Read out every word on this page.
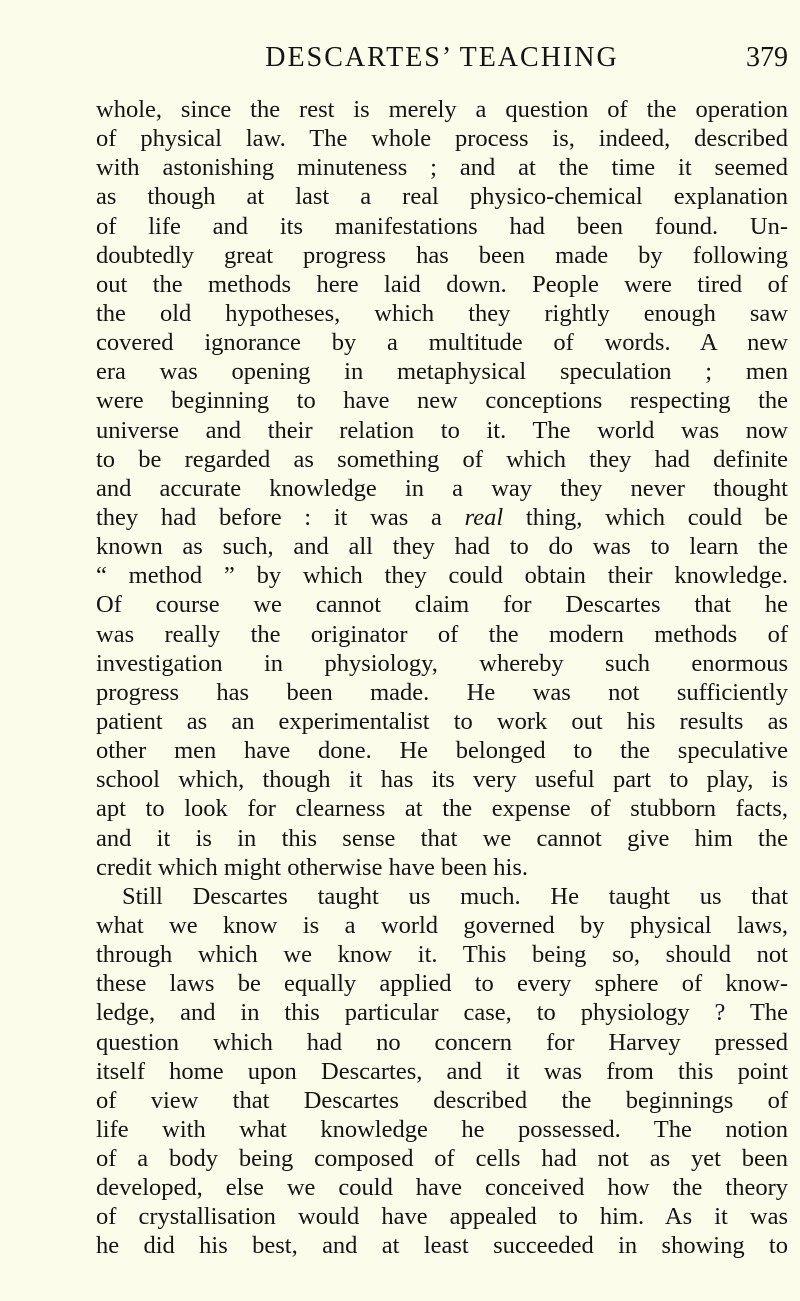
DESCARTES’ TEACHING	379
whole, since the rest is merely a question of the operation
of physical law. The whole process is, indeed, described
with astonishing minuteness ; and at the time it seemed
as though at last a real physico-chemical explanation
of life and its manifestations had been found. Un-
doubtedly great progress has been made by following
out the methods here laid down. People were tired of
the old hypotheses, which they rightly enough saw
covered ignorance by a multitude of words. A new
era was opening in metaphysical speculation ; men
were beginning to have new conceptions respecting the
universe and their relation to it. The world was now
to be regarded as something of which they had definite
and accurate knowledge in a way they never thought
they had before : it was a real thing, which could be
known as such, and all they had to do was to learn the
“ method ” by which they could obtain their knowledge.
Of course we cannot claim for Descartes that he
was really the originator of the modern methods of
investigation in physiology, whereby such enormous
progress has been made. He was not sufficiently
patient as an experimentalist to work out his results as
other men have done. He belonged to the speculative
school which, though it has its very useful part to play, is
apt to look for clearness at the expense of stubborn facts,
and it is in this sense that we cannot give him the
credit which might otherwise have been his.
Still Descartes taught us much. He taught us that
what we know is a world governed by physical laws,
through which we know it. This being so, should not
these laws be equally applied to every sphere of know-
ledge, and in this particular case, to physiology ? The
question which had no concern for Harvey pressed
itself home upon Descartes, and it was from this point
of view that Descartes described the beginnings of
life with what knowledge he possessed. The notion
of a body being composed of cells had not as yet been
developed, else we could have conceived how the theory
of crystallisation would have appealed to him. As it was
he did his best, and at least succeeded in showing to
